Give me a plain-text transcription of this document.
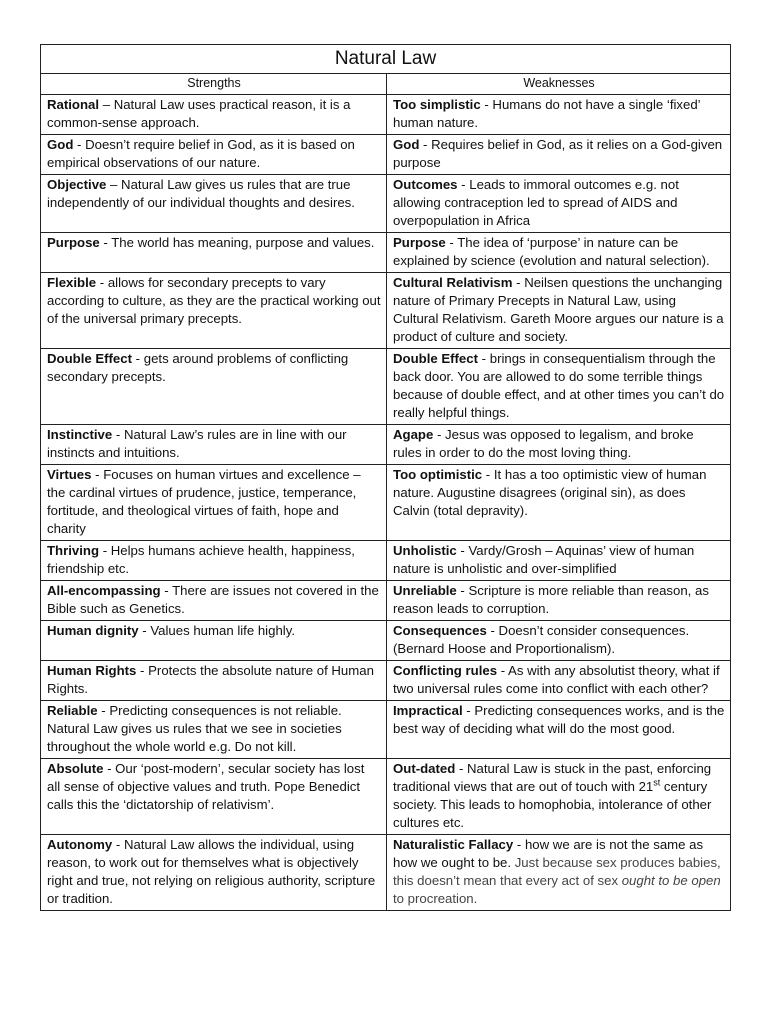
Natural Law	
Strengths	Weaknesses
Rational – Natural Law uses practical reason, it is a common-sense approach.	Too simplistic - Humans do not have a single ‘fixed’ human nature.
God - Doesn’t require belief in God, as it is based on empirical observations of our nature.	God - Requires belief in God, as it relies on a God-given purpose
Objective – Natural Law gives us rules that are true independently of our individual thoughts and desires.	Outcomes - Leads to immoral outcomes e.g. not allowing contraception led to spread of AIDS and overpopulation in Africa
Purpose - The world has meaning, purpose and values.	Purpose - The idea of ‘purpose’ in nature can be explained by science (evolution and natural selection).
Flexible - allows for secondary precepts to vary according to culture, as they are the practical working out of the universal primary precepts.	Cultural Relativism - Neilsen questions the unchanging nature of Primary Precepts in Natural Law, using Cultural Relativism. Gareth Moore argues our nature is a product of culture and society.
Double Effect - gets around problems of conflicting secondary precepts.	Double Effect - brings in consequentialism through the back door. You are allowed to do some terrible things because of double effect, and at other times you can’t do really helpful things.
Instinctive - Natural Law’s rules are in line with our instincts and intuitions.	Agape - Jesus was opposed to legalism, and broke rules in order to do the most loving thing.
Virtues - Focuses on human virtues and excellence – the cardinal virtues of prudence, justice, temperance, fortitude, and theological virtues of faith, hope and charity	Too optimistic - It has a too optimistic view of human nature. Augustine disagrees (original sin), as does Calvin (total depravity).
Thriving - Helps humans achieve health, happiness, friendship etc.	Unholistic - Vardy/Grosh – Aquinas’ view of human nature is unholistic and over-simplified
All-encompassing - There are issues not covered in the Bible such as Genetics.	Unreliable - Scripture is more reliable than reason, as reason leads to corruption.
Human dignity - Values human life highly.	Consequences - Doesn’t consider consequences. (Bernard Hoose and Proportionalism).
Human Rights - Protects the absolute nature of Human Rights.	Conflicting rules - As with any absolutist theory, what if two universal rules come into conflict with each other?
Reliable - Predicting consequences is not reliable. Natural Law gives us rules that we see in societies throughout the whole world e.g. Do not kill.	Impractical - Predicting consequences works, and is the best way of deciding what will do the most good.
Absolute - Our ‘post-modern’, secular society has lost all sense of objective values and truth. Pope Benedict calls this the ‘dictatorship of relativism’.	Out-dated - Natural Law is stuck in the past, enforcing traditional views that are out of touch with 21st century society. This leads to homophobia, intolerance of other cultures etc.
Autonomy - Natural Law allows the individual, using reason, to work out for themselves what is objectively right and true, not relying on religious authority, scripture or tradition.	Naturalistic Fallacy - how we are is not the same as how we ought to be. Just because sex produces babies, this doesn’t mean that every act of sex ought to be open to procreation.
